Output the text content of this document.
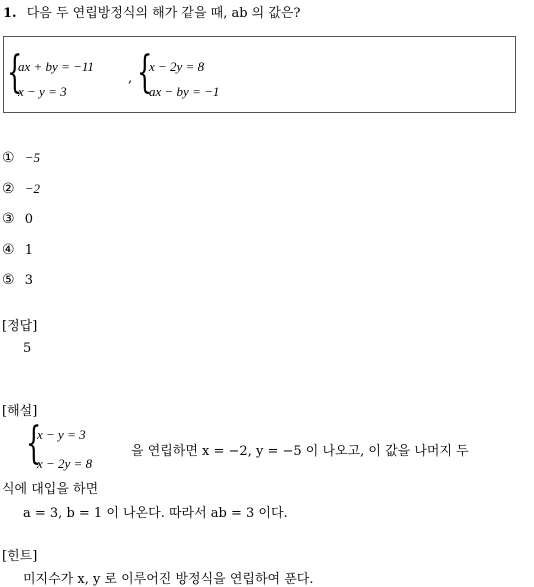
1. 다음 두 연립방정식의 해가 같을 때, ab 의 값은?
{
ax + by = −11
x − y = 3
, {
x − 2y = 8
ax − by = −1
① −5
② −2
③ 0
④ 1
⑤ 3
[정답]
5
[해설]
{
x − y = 3
x − 2y = 8
을 연립하면 x = −2, y = −5 이 나오고, 이 값을 나머지 두
식에 대입을 하면
a = 3, b = 1 이 나온다. 따라서 ab = 3 이다.
[힌트]
미지수가 x, y 로 이루어진 방정식을 연립하여 푼다.
